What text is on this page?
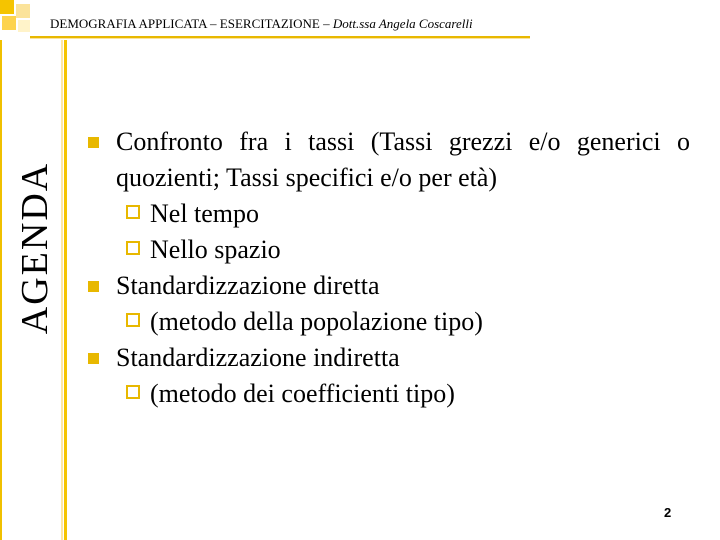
DEMOGRAFIA APPLICATA – ESERCITAZIONE – Dott.ssa Angela Coscarelli
AGENDA
Confronto fra i tassi (Tassi grezzi e/o generici o quozienti; Tassi specifici e/o per età)
Nel tempo
Nello spazio
Standardizzazione diretta
(metodo della popolazione tipo)
Standardizzazione indiretta
(metodo dei coefficienti tipo)
2
